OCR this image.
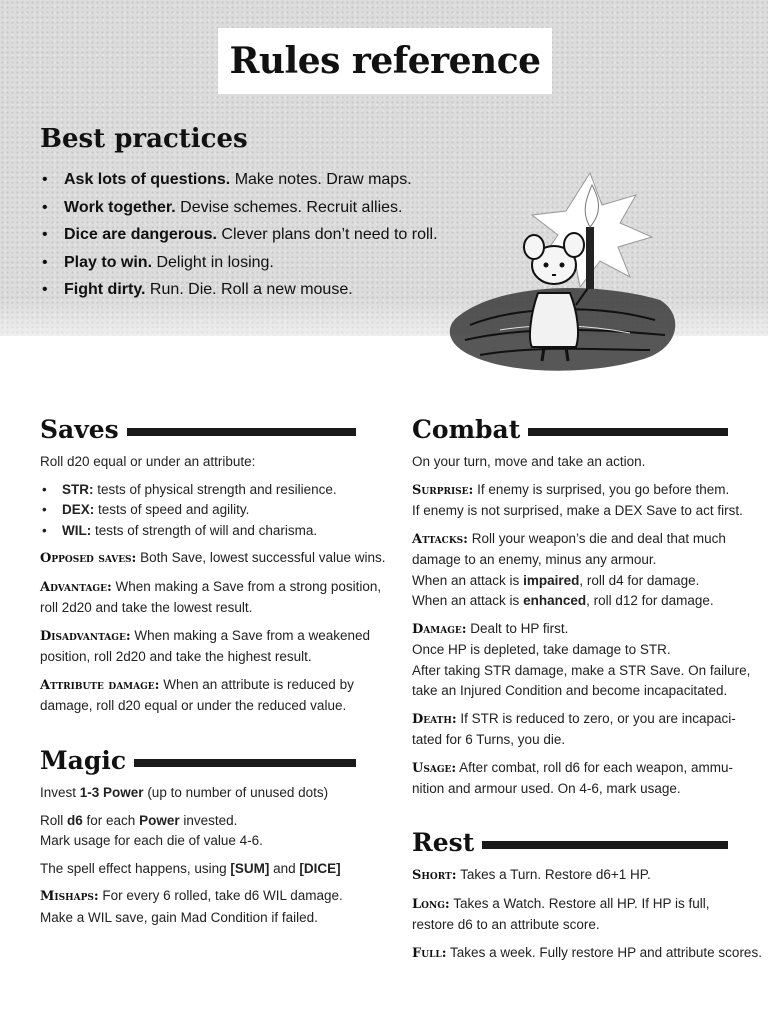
Rules reference
Best practices
• Ask lots of questions. Make notes. Draw maps.
• Work together. Devise schemes. Recruit allies.
• Dice are dangerous. Clever plans don’t need to roll.
• Play to win. Delight in losing.
• Fight dirty. Run. Die. Roll a new mouse.
Saves

Roll d20 equal or under an attribute:

• STR: tests of physical strength and resilience.
• DEX: tests of speed and agility.
• WIL: tests of strength of will and charisma.

Opposed saves: Both Save, lowest successful value wins.

Advantage: When making a Save from a strong position,

roll 2d20 and take the lowest result.

Disadvantage: When making a Save from a weakened

position, roll 2d20 and take the highest result.

Attribute damage: When an attribute is reduced by

damage, roll d20 equal or under the reduced value.

Magic

Invest 1-3 Power (up to number of unused dots)

Roll d6 for each Power invested.

Mark usage for each die of value 4-6.

The spell effect happens, using [SUM] and [DICE]

Mishaps: For every 6 rolled, take d6 WIL damage.

Make a WIL save, gain Mad Condition if failed.

Combat

On your turn, move and take an action.

Surprise: If enemy is surprised, you go before them.

If enemy is not surprised, make a DEX Save to act first.

Attacks: Roll your weapon’s die and deal that much

damage to an enemy, minus any armour.

When an attack is impaired, roll d4 for damage.

When an attack is enhanced, roll d12 for damage.

Damage: Dealt to HP first.

Once HP is depleted, take damage to STR.

After taking STR damage, make a STR Save. On failure,

take an Injured Condition and become incapacitated.

Death: If STR is reduced to zero, or you are incapaci-

tated for 6 Turns, you die.

Usage: After combat, roll d6 for each weapon, ammu-

nition and armour used. On 4-6, mark usage.

Rest

Short: Takes a Turn. Restore d6+1 HP.

Long: Takes a Watch. Restore all HP. If HP is full,

restore d6 to an attribute score.

Full: Takes a week. Fully restore HP and attribute scores.
